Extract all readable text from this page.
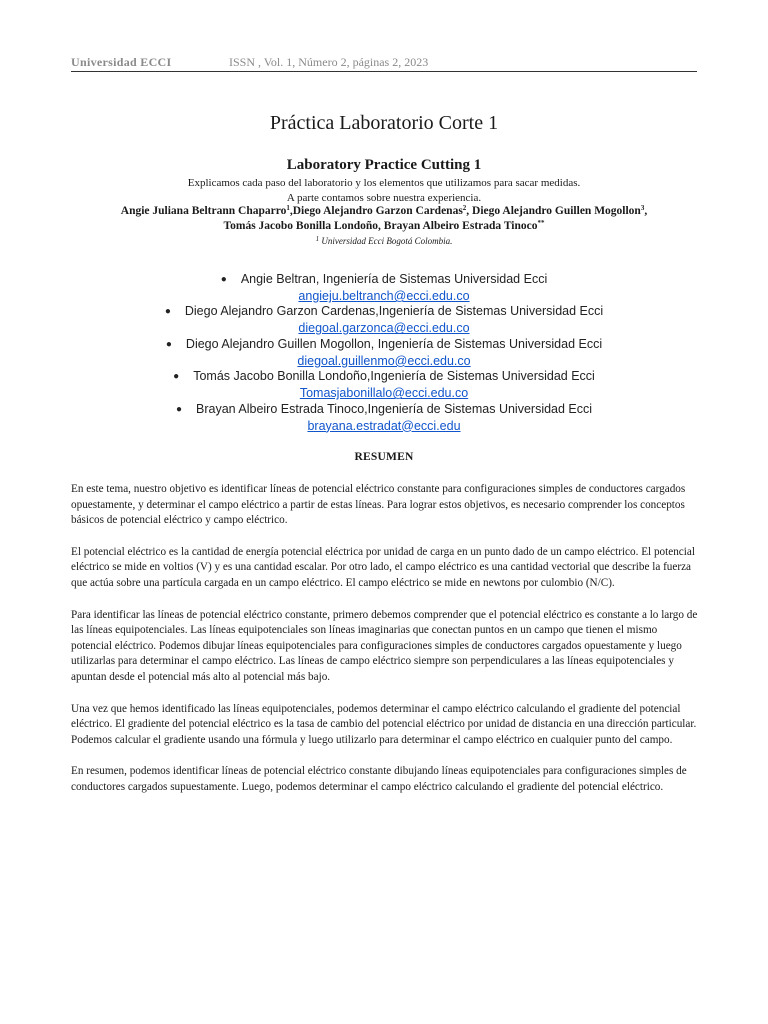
Universidad ECCI	ISSN , Vol. 1, Número 2, páginas 2, 2023
Práctica Laboratorio Corte 1
Laboratory Practice Cutting 1
Explicamos cada paso del laboratorio y los elementos que utilizamos para sacar medidas.
A parte contamos sobre nuestra experiencia.
Angie Juliana Beltrann Chaparro$^1$,Diego Alejandro Garzon Cardenas$^2$, Diego Alejandro Guillen Mogollon$^3$,
Tomás Jacobo Bonilla Londoño, Brayan Albeiro Estrada Tinoco**
$^1$ Universidad Ecci Bogotá Colombia.
● Angie Beltran, Ingeniería de Sistemas Universidad Ecci
angieju.beltranch@ecci.edu.co
● Diego Alejandro Garzon Cardenas,Ingeniería de Sistemas Universidad Ecci
diegoal.garzonca@ecci.edu.co
● Diego Alejandro Guillen Mogollon, Ingeniería de Sistemas Universidad Ecci
diegoal.guillenmo@ecci.edu.co
● Tomás Jacobo Bonilla Londoño,Ingeniería de Sistemas Universidad Ecci
Tomasjabonillalo@ecci.edu.co
● Brayan Albeiro Estrada Tinoco,Ingeniería de Sistemas Universidad Ecci
brayana.estradat@ecci.edu
RESUMEN

En este tema, nuestro objetivo es identificar líneas de potencial eléctrico constante para configuraciones simples de conductores cargados opuestamente, y determinar el campo eléctrico a partir de estas líneas. Para lograr estos objetivos, es necesario comprender los conceptos básicos de potencial eléctrico y campo eléctrico.

El potencial eléctrico es la cantidad de energía potencial eléctrica por unidad de carga en un punto dado de un campo eléctrico. El potencial eléctrico se mide en voltios (V) y es una cantidad escalar. Por otro lado, el campo eléctrico es una cantidad vectorial que describe la fuerza que actúa sobre una partícula cargada en un campo eléctrico. El campo eléctrico se mide en newtons por culombio (N/C).

Para identificar las líneas de potencial eléctrico constante, primero debemos comprender que el potencial eléctrico es constante a lo largo de las líneas equipotenciales. Las líneas equipotenciales son líneas imaginarias que conectan puntos en un campo que tienen el mismo potencial eléctrico. Podemos dibujar líneas equipotenciales para configuraciones simples de conductores cargados opuestamente y luego utilizarlas para determinar el campo eléctrico. Las líneas de campo eléctrico siempre son perpendiculares a las líneas equipotenciales y apuntan desde el potencial más alto al potencial más bajo.

Una vez que hemos identificado las líneas equipotenciales, podemos determinar el campo eléctrico calculando el gradiente del potencial eléctrico. El gradiente del potencial eléctrico es la tasa de cambio del potencial eléctrico por unidad de distancia en una dirección particular. Podemos calcular el gradiente usando una fórmula y luego utilizarlo para determinar el campo eléctrico en cualquier punto del campo.

En resumen, podemos identificar líneas de potencial eléctrico constante dibujando líneas equipotenciales para configuraciones simples de conductores cargados supuestamente. Luego, podemos determinar el campo eléctrico calculando el gradiente del potencial eléctrico.
